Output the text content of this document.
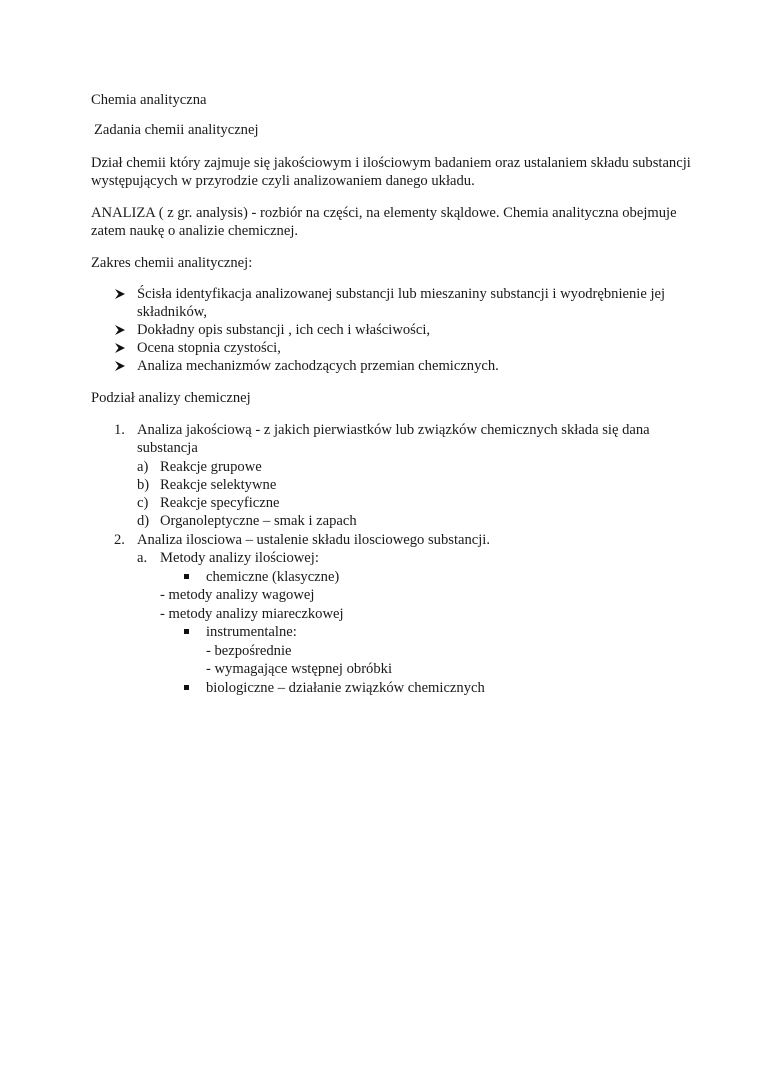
Chemia analityczna
Zadania chemii analitycznej
Dział chemii który zajmuje się jakościowym i ilościowym badaniem oraz ustalaniem składu substancji
występujących w przyrodzie czyli analizowaniem danego układu.
ANALIZA ( z gr. analysis) - rozbiór na części, na elementy skąldowe. Chemia analityczna obejmuje
zatem naukę o analizie chemicznej.
Zakres chemii analitycznej:
Ścisła identyfikacja analizowanej substancji lub mieszaniny substancji i wyodrębnienie jej
składników,
Dokładny opis substancji , ich cech i właściwości,
Ocena stopnia czystości,
Analiza mechanizmów zachodzących przemian chemicznych.
Podział analizy chemicznej
1. Analiza jakościową - z jakich pierwiastków lub związków chemicznych składa się dana
substancja
a) Reakcje grupowe
b) Reakcje selektywne
c) Reakcje specyficzne
d) Organoleptyczne – smak i zapach
2. Analiza ilosciowa – ustalenie składu ilosciowego substancji.
a. Metody analizy ilościowej:
chemiczne (klasyczne)
- metody analizy wagowej
- metody analizy miareczkowej
instrumentalne:
- bezpośrednie
- wymagające wstępnej obróbki
biologiczne – działanie związków chemicznych
